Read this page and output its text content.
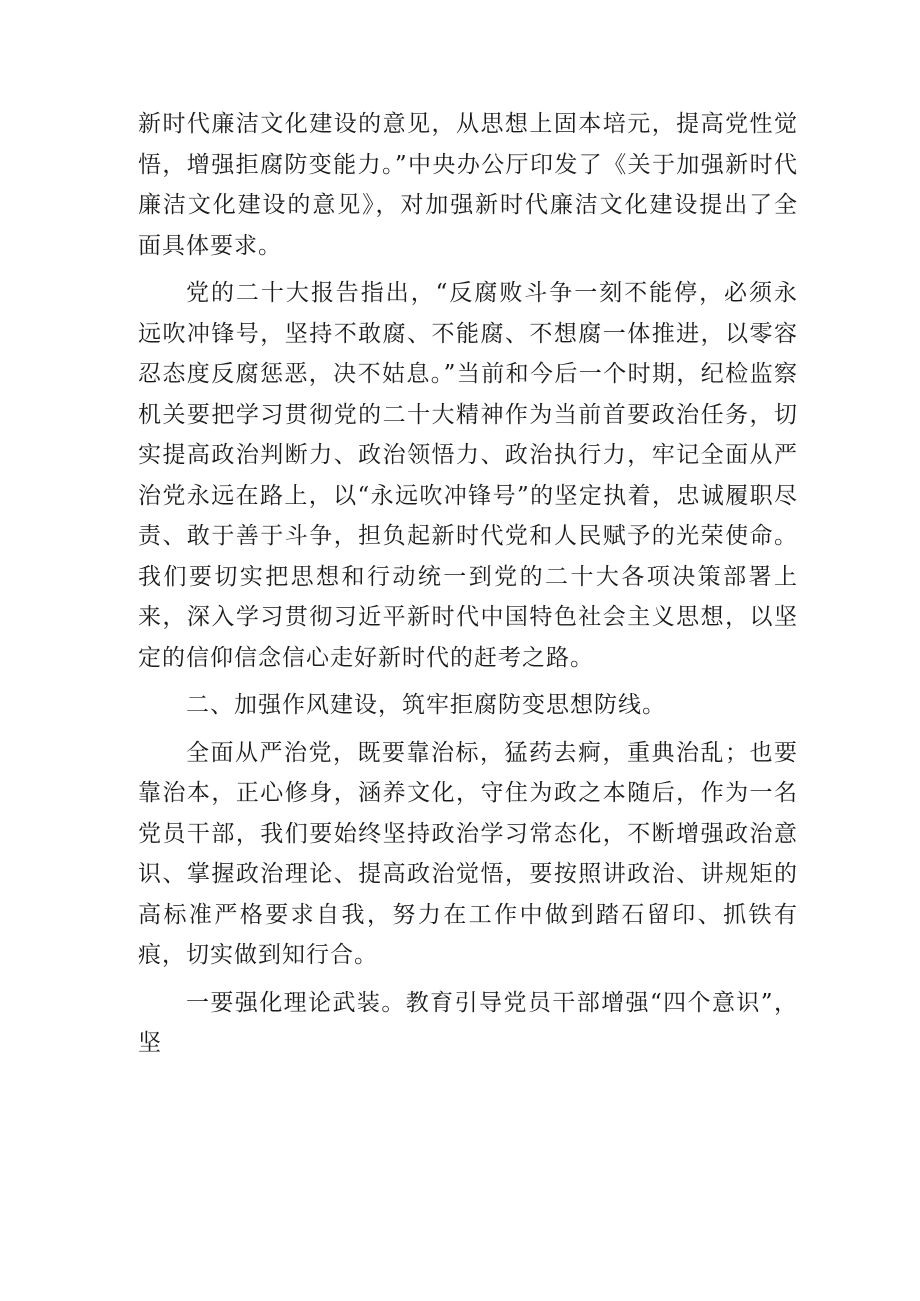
新时代廉洁文化建设的意见，从思想上固本培元，提高党性觉悟，增强拒腐防变能力。”中央办公厅印发了《关于加强新时代廉洁文化建设的意见》，对加强新时代廉洁文化建设提出了全面具体要求。

党的二十大报告指出，“反腐败斗争一刻不能停，必须永远吹冲锋号，坚持不敢腐、不能腐、不想腐一体推进，以零容忍态度反腐惩恶，决不姑息。”当前和今后一个时期，纪检监察机关要把学习贯彻党的二十大精神作为当前首要政治任务，切实提高政治判断力、政治领悟力、政治执行力，牢记全面从严治党永远在路上，以“永远吹冲锋号”的坚定执着，忠诚履职尽责、敢于善于斗争，担负起新时代党和人民赋予的光荣使命。我们要切实把思想和行动统一到党的二十大各项决策部署上来，深入学习贯彻习近平新时代中国特色社会主义思想，以坚定的信仰信念信心走好新时代的赶考之路。

二、加强作风建设，筑牢拒腐防变思想防线。

全面从严治党，既要靠治标，猛药去痾，重典治乱；也要靠治本，正心修身，涵养文化，守住为政之本随后，作为一名党员干部，我们要始终坚持政治学习常态化，不断增强政治意识、掌握政治理论、提高政治觉悟，要按照讲政治、讲规矩的高标准严格要求自我，努力在工作中做到踏石留印、抓铁有痕，切实做到知行合。

一要强化理论武装。教育引导党员干部增强“四个意识”，坚
